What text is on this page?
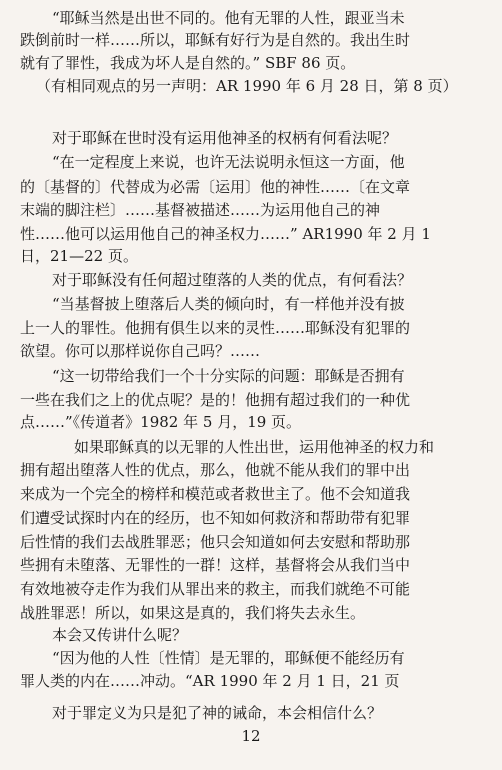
“耶稣当然是出世不同的。他有无罪的人性，跟亚当未
跌倒前时一样……所以，耶稣有好行为是自然的。我出生时
就有了罪性，我成为坏人是自然的。” SBF 86 页。
（有相同观点的另一声明：AR 1990 年 6 月 28 日，第 8 页）
对于耶稣在世时没有运用他神圣的权柄有何看法呢？
“在一定程度上来说，也许无法说明永恒这一方面，他
的〔基督的〕代替成为必需〔运用〕他的神性……〔在文章
末端的脚注栏〕……基督被描述……为运用他自己的神
性……他可以运用他自己的神圣权力……” AR1990 年 2 月 1
日，21—22 页。
对于耶稣没有任何超过堕落的人类的优点，有何看法？
“当基督披上堕落后人类的倾向时，有一样他并没有披
上一人的罪性。他拥有俱生以来的灵性……耶稣没有犯罪的
欲望。你可以那样说你自己吗？……
“这一切带给我们一个十分实际的问题：耶稣是否拥有
一些在我们之上的优点呢？是的！他拥有超过我们的一种优
点……”《传道者》1982 年 5 月，19 页。
如果耶稣真的以无罪的人性出世，运用他神圣的权力和
拥有超出堕落人性的优点，那么，他就不能从我们的罪中出
来成为一个完全的榜样和模范或者救世主了。他不会知道我
们遭受试探时内在的经历，也不知如何救济和帮助带有犯罪
后性情的我们去战胜罪恶；他只会知道如何去安慰和帮助那
些拥有未堕落、无罪性的一群！这样，基督将会从我们当中
有效地被夺走作为我们从罪出来的救主，而我们就绝不可能
战胜罪恶！所以，如果这是真的，我们将失去永生。
本会又传讲什么呢？
“因为他的人性〔性情〕是无罪的，耶稣便不能经历有
罪人类的内在……冲动。“AR 1990 年 2 月 1 日，21 页
对于罪定义为只是犯了神的诫命，本会相信什么？
12
